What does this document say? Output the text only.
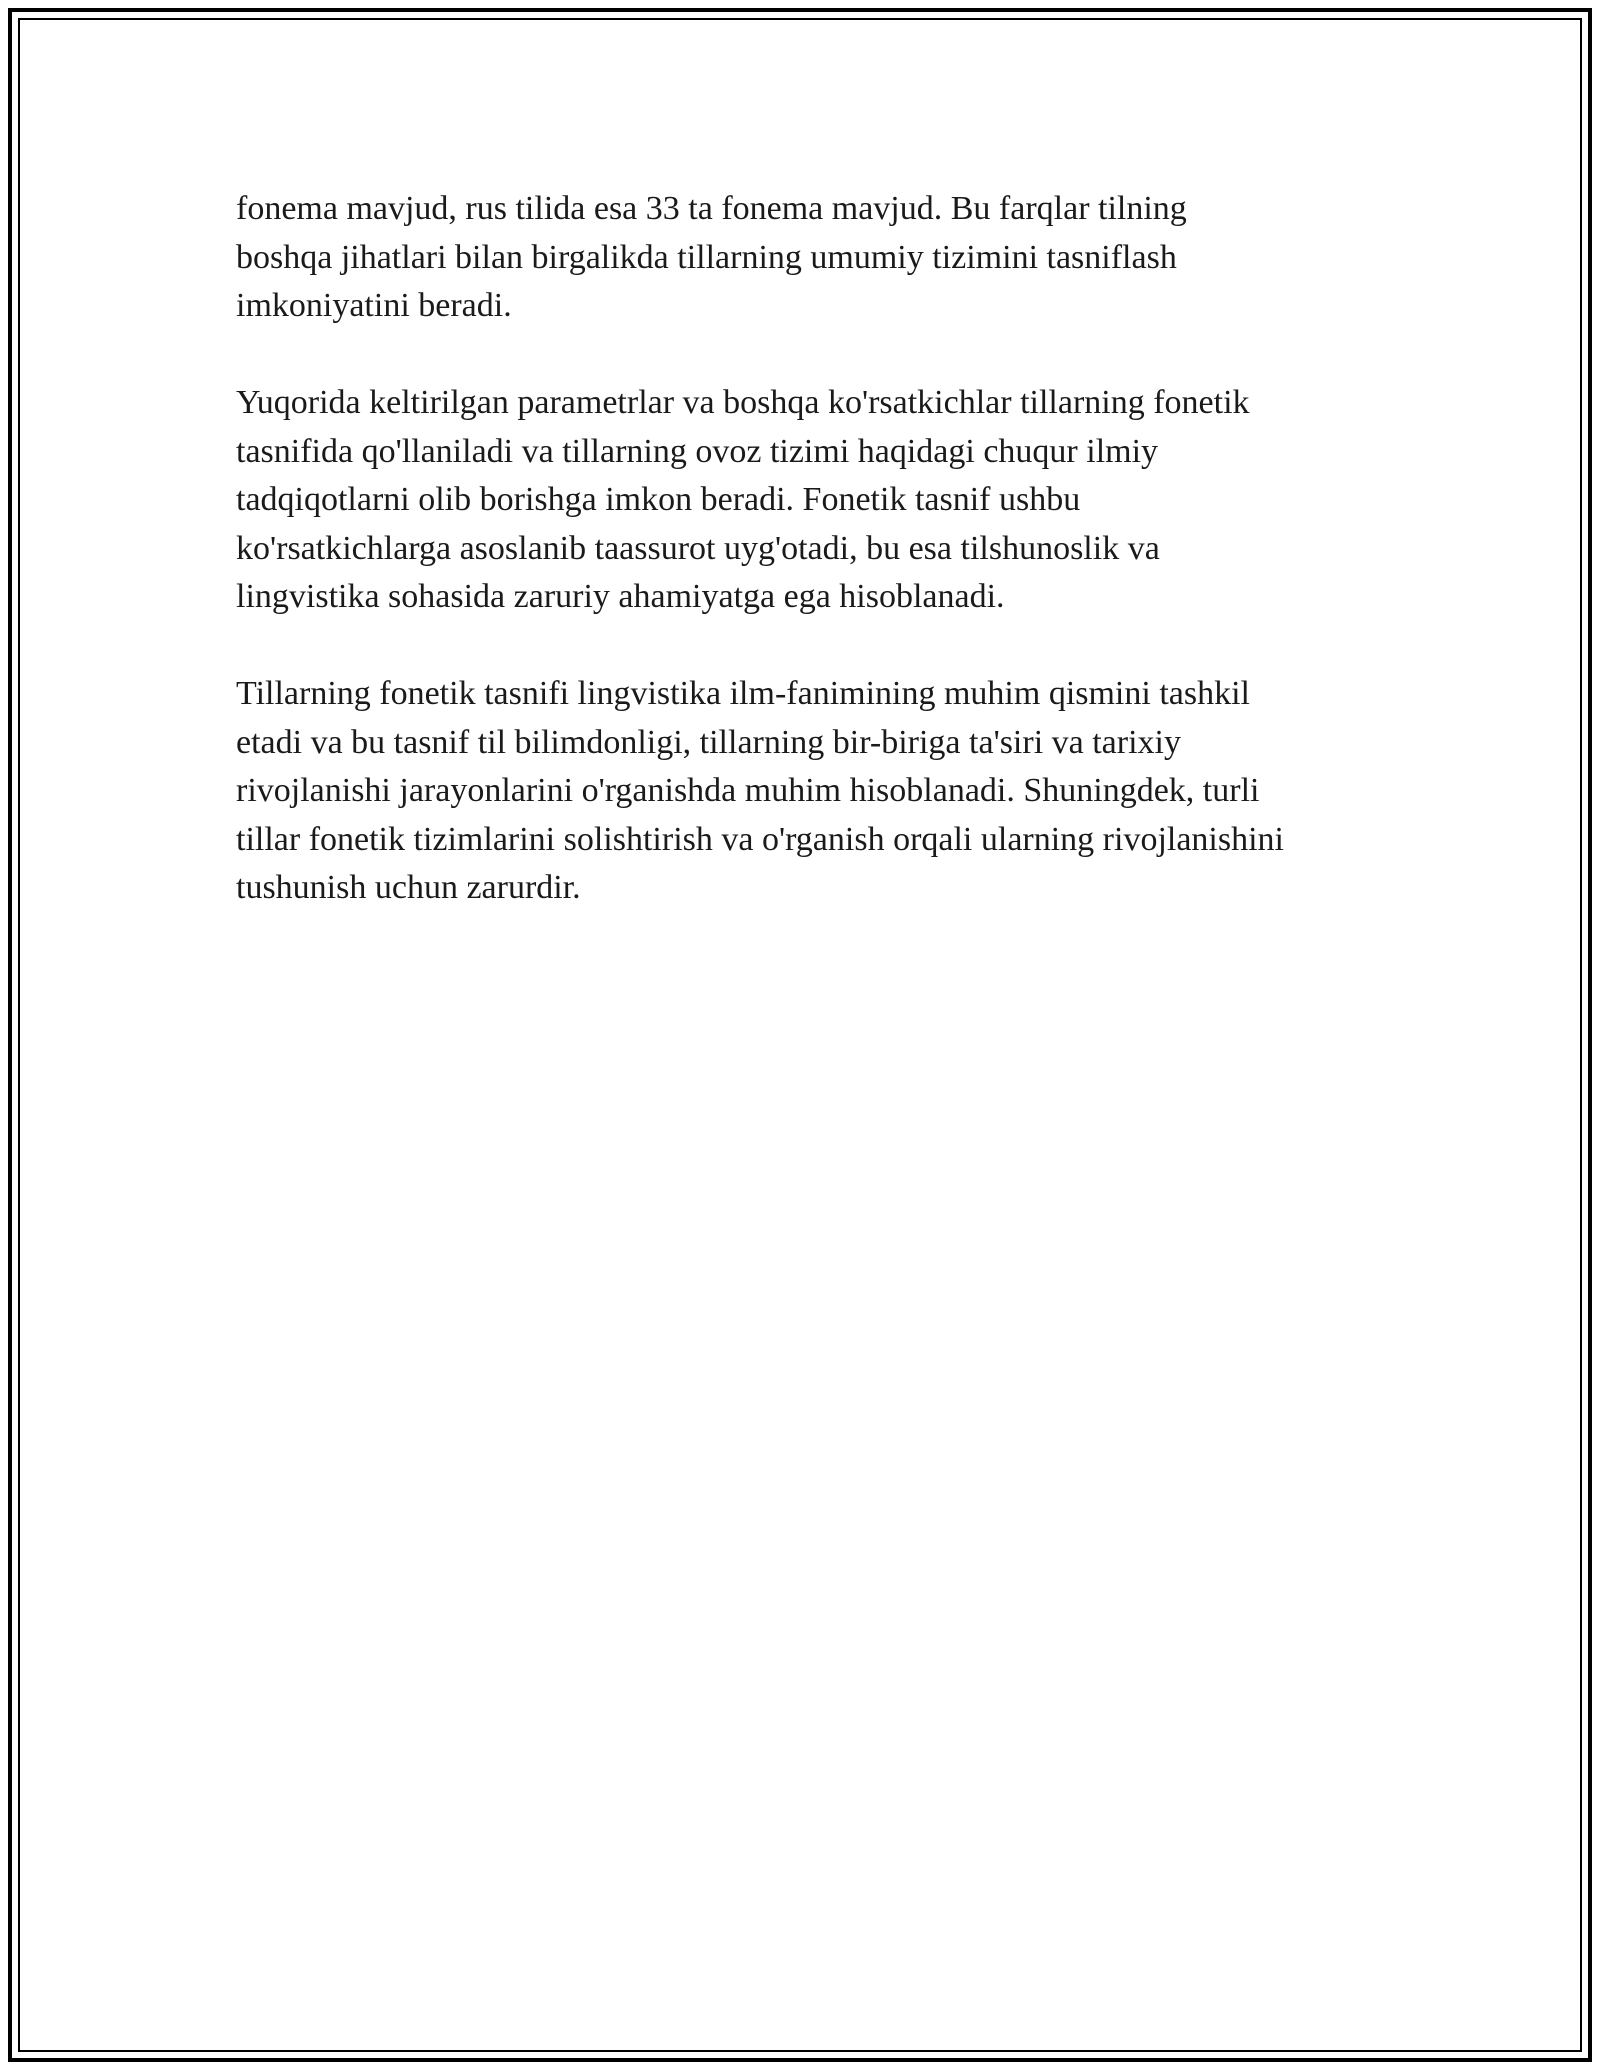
fonema mavjud, rus tilida esa 33 ta fonema mavjud. Bu farqlar tilning
boshqa jihatlari bilan birgalikda tillarning umumiy tizimini tasniflash
imkoniyatini beradi.

Yuqorida keltirilgan parametrlar va boshqa ko'rsatkichlar tillarning fonetik
tasnifida qo'llaniladi va tillarning ovoz tizimi haqidagi chuqur ilmiy
tadqiqotlarni olib borishga imkon beradi. Fonetik tasnif ushbu
ko'rsatkichlarga asoslanib taassurot uyg'otadi, bu esa tilshunoslik va
lingvistika sohasida zaruriy ahamiyatga ega hisoblanadi.

Tillarning fonetik tasnifi lingvistika ilm-fanimining muhim qismini tashkil
etadi va bu tasnif til bilimdonligi, tillarning bir-biriga ta'siri va tarixiy
rivojlanishi jarayonlarini o'rganishda muhim hisoblanadi. Shuningdek, turli
tillar fonetik tizimlarini solishtirish va o'rganish orqali ularning rivojlanishini
tushunish uchun zarurdir.
